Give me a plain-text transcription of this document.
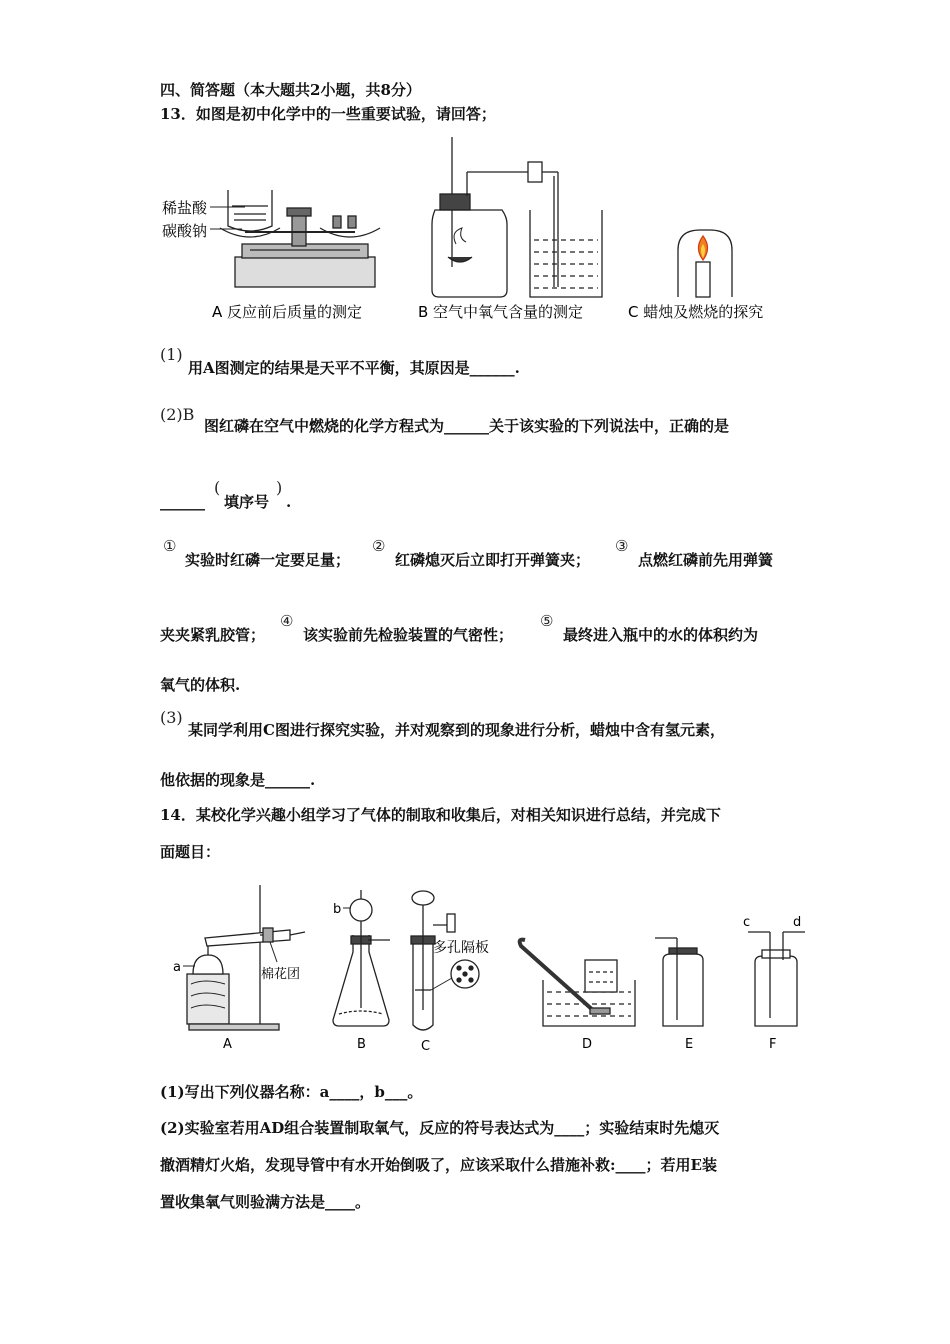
四、简答题（本大题共2小题，共8分）
13．如图是初中化学中的一些重要试验，请回答；
稀盐酸
碳酸钠
A 反应前后质量的测定	B 空气中氧气含量的测定	C 蜡烛及燃烧的探究
(1)
用A图测定的结果是天平不平衡，其原因是______.
(2)B
图红磷在空气中燃烧的化学方程式为______关于该实验的下列说法中，正确的是
______
(
填序号
)
.
①
实验时红磷一定要足量；
②
红磷熄灭后立即打开弹簧夹；
③
点燃红磷前先用弹簧
夹夹紧乳胶管；
④
该实验前先检验装置的气密性；
⑤
最终进入瓶中的水的体积约为
氧气的体积.
(3)
某同学利用C图进行探究实验，并对观察到的现象进行分析，蜡烛中含有氢元素，
他依据的现象是______.
14．某校化学兴趣小组学习了气体的制取和收集后，对相关知识进行总结，并完成下
面题目：
a	棉花团
A
b
B
多孔隔板
C	D	E
c	d
F
(1)写出下列仪器名称：a____，b___。
(2)实验室若用AD组合装置制取氧气，反应的符号表达式为____；实验结束时先熄灭
撤酒精灯火焰，发现导管中有水开始倒吸了，应该采取什么措施补救:____；若用E装
置收集氧气则验满方法是____。
